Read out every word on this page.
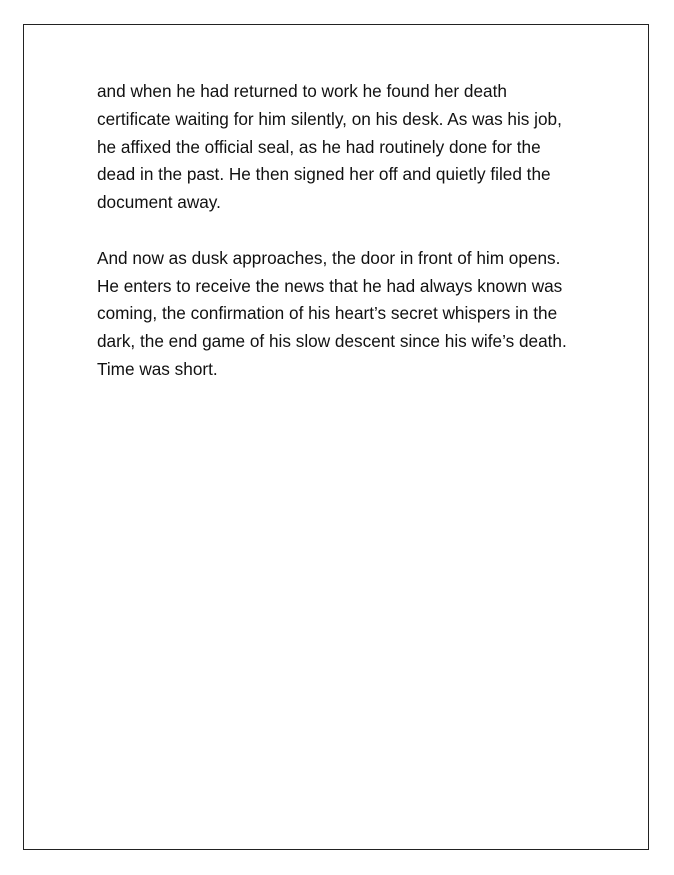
and when he had returned to work he found her death certificate waiting for him silently, on his desk. As was his job, he affixed the official seal, as he had routinely done for the dead in the past. He then signed her off and quietly filed the document away.

And now as dusk approaches, the door in front of him opens. He enters to receive the news that he had always known was coming, the confirmation of his heart’s secret whispers in the dark, the end game of his slow descent since his wife’s death. Time was short.
